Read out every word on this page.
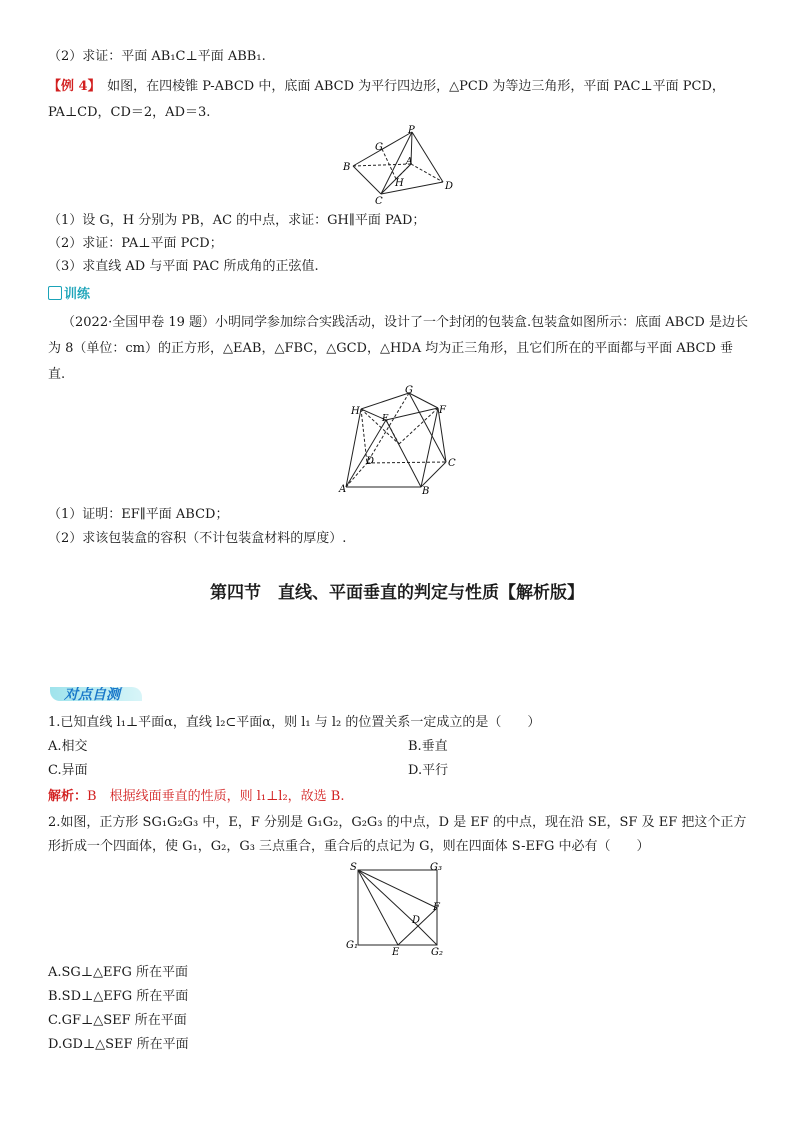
（2）求证：平面 AB₁C⊥平面 ABB₁.
【例 4】　如图，在四棱锥 P-ABCD 中，底面 ABCD 为平行四边形，△PCD 为等边三角形，平面 PAC⊥平面 PCD，
PA⊥CD，CD＝2，AD＝3.
P
G
B	A
H	D
C
（1）设 G，H 分别为 PB，AC 的中点，求证：GH∥平面 PAD；
（2）求证：PA⊥平面 PCD；
（3）求直线 AD 与平面 PAC 所成角的正弦值.
训练
（2022·全国甲卷 19 题）小明同学参加综合实践活动，设计了一个封闭的包装盒.包装盒如图所示：底面 ABCD 是边长为 8（单位：cm）的正方形，△EAB，△FBC，△GCD，△HDA 均为正三角形，且它们所在的平面都与平面 ABCD 垂直.
H
G
F
E
D	C
A	B
（1）证明：EF∥平面 ABCD；
（2）求该包装盒的容积（不计包装盒材料的厚度）.
第四节　直线、平面垂直的判定与性质【解析版】
对点自测
1.已知直线 l₁⊥平面α，直线 l₂⊂平面α，则 l₁ 与 l₂ 的位置关系一定成立的是（　　）
A.相交	B.垂直
C.异面	D.平行
解析：B　根据线面垂直的性质，则 l₁⊥l₂，故选 B.
2.如图，正方形 SG₁G₂G₃ 中，E，F 分别是 G₁G₂，G₂G₃ 的中点，D 是 EF 的中点，现在沿 SE，SF 及 EF 把这个正方
形折成一个四面体，使 G₁，G₂，G₃ 三点重合，重合后的点记为 G，则在四面体 S-EFG 中必有（　　）
S	G₃
F
D
G₁
E	G₂
A.SG⊥△EFG 所在平面
B.SD⊥△EFG 所在平面
C.GF⊥△SEF 所在平面
D.GD⊥△SEF 所在平面
